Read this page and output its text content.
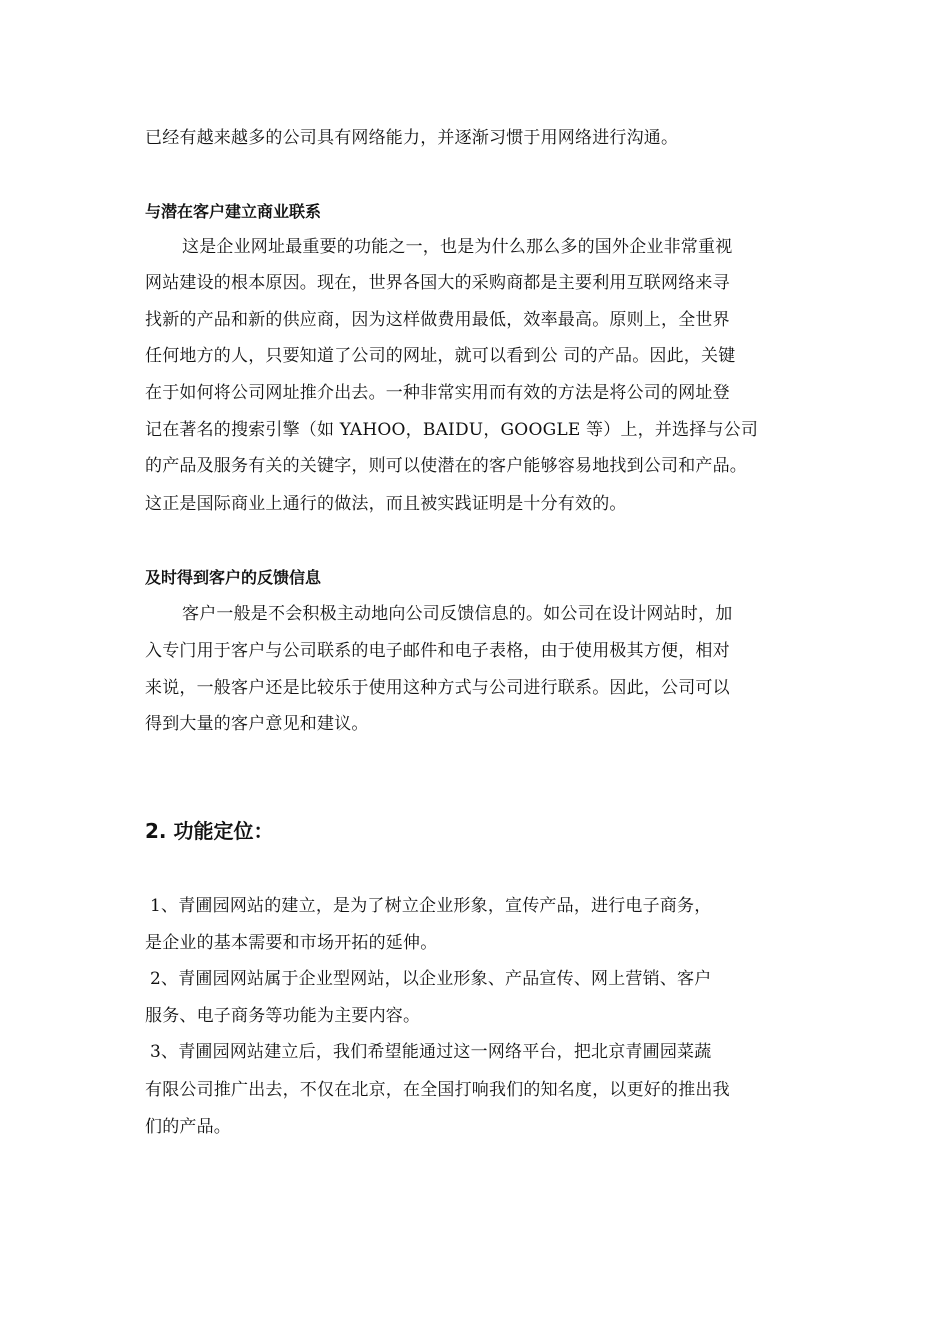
已经有越来越多的公司具有网络能力，并逐渐习惯于用网络进行沟通。
与潜在客户建立商业联系
这是企业网址最重要的功能之一，也是为什么那么多的国外企业非常重视
网站建设的根本原因。现在，世界各国大的采购商都是主要利用互联网络来寻
找新的产品和新的供应商，因为这样做费用最低，效率最高。原则上，全世界
任何地方的人，只要知道了公司的网址，就可以看到公 司的产品。因此，关键
在于如何将公司网址推介出去。一种非常实用而有效的方法是将公司的网址登
记在著名的搜索引擎（如 YAHOO，BAIDU，GOOGLE 等）上，并选择与公司
的产品及服务有关的关键字，则可以使潜在的客户能够容易地找到公司和产品。
这正是国际商业上通行的做法，而且被实践证明是十分有效的。
及时得到客户的反馈信息
客户一般是不会积极主动地向公司反馈信息的。如公司在设计网站时，加
入专门用于客户与公司联系的电子邮件和电子表格，由于使用极其方便，相对
来说，一般客户还是比较乐于使用这种方式与公司进行联系。因此，公司可以
得到大量的客户意见和建议。
2. 功能定位：
1、青圃园网站的建立，是为了树立企业形象，宣传产品，进行电子商务，
是企业的基本需要和市场开拓的延伸。
2、青圃园网站属于企业型网站，以企业形象、产品宣传、网上营销、客户
服务、电子商务等功能为主要内容。
3、青圃园网站建立后，我们希望能通过这一网络平台，把北京青圃园菜蔬
有限公司推广出去，不仅在北京，在全国打响我们的知名度，以更好的推出我
们的产品。
